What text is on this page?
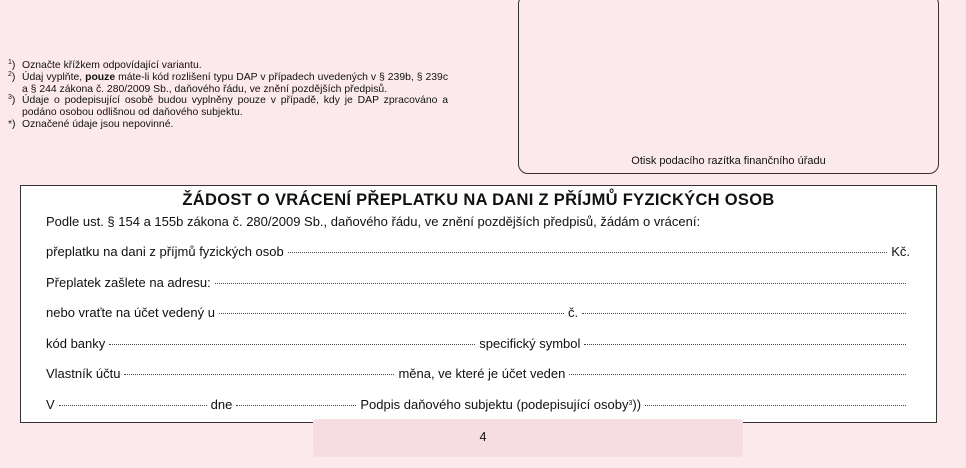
$^1$) Označte křížkem odpovídající variantu.
$^2$) Údaj vyplňte, pouze máte-li kód rozlišení typu DAP v případech uvedených v § 239b, § 239c a § 244 zákona č. 280/2009 Sb., daňového řádu, ve znění pozdějších předpisů.
$^3$) Údaje o podepisující osobě budou vyplněny pouze v případě, kdy je DAP zpracováno a podáno osobou odlišnou od daňového subjektu.
*) Označené údaje jsou nepovinné.
Otisk podacího razítka finančního úřadu
ŽÁDOST O VRÁCENÍ PŘEPLATKU NA DANI Z PŘÍJMŮ FYZICKÝCH OSOB
Podle ust. § 154 a 155b zákona č. 280/2009 Sb., daňového řádu, ve znění pozdějších předpisů, žádám o vrácení:
přeplatku na dani z příjmů fyzických osob	Kč.
Přeplatek zašlete na adresu:
nebo vraťte na účet vedený u	č.
kód banky	specifický symbol
Vlastník účtu	měna, ve které je účet veden
V	dne	Podpis daňového subjektu (podepisující osoby$^3$))
4
